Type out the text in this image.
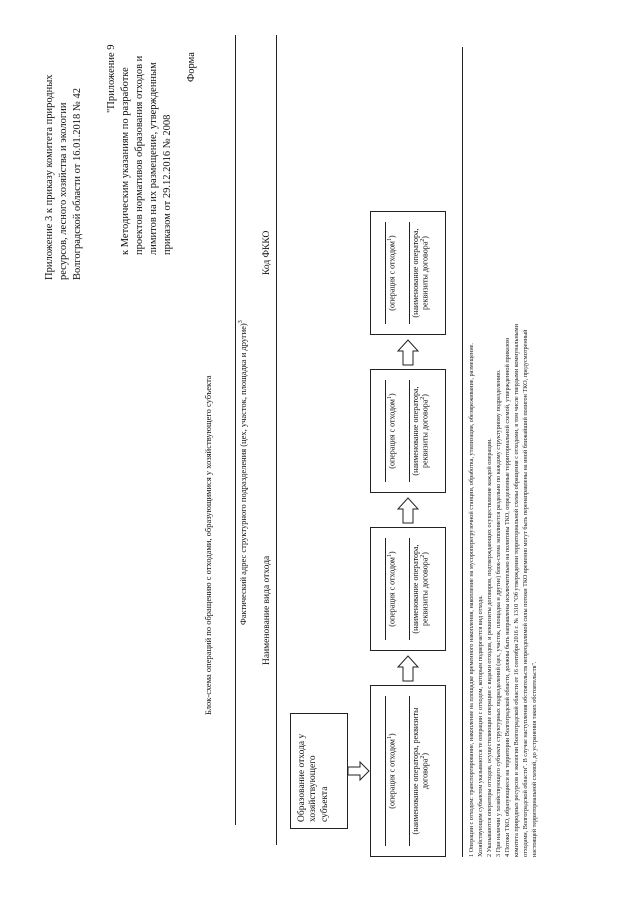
Приложение 3 к приказу комитета природных ресурсов, лесного хозяйства и экологии Волгоградской области от 16.01.2018 № 42
"Приложение 9 к Методическим указаниям по разработке проектов нормативов образования отходов и лимитов на их размещение, утвержденным приказом от 29.12.2016 № 2008
Форма
Блок-схема операций по обращению с отходами, образующимися у хозяйствующего субъекта	Фактический адрес структурного подразделения (цех, участок, площадка и другие)$^3$
Наименование вида отхода
Код ФККО
Образование отхода у хозяйствующего субъекта	(операция с отходом$^1$) (наименование оператора, реквизиты договора$^2$)
(операция с отходом$^1$) (наименование оператора, реквизиты договора$^2$)
(операция с отходом$^1$) (наименование оператора, реквизиты договора$^2$)
(операция с отходом$^1$) (наименование оператора, реквизиты договора$^2$)
1 Операции с отходом: транспортирование, накопление на площадке временного накопления, накопление на мусороперегрузочной станции, обработка, утилизация, обезвреживание, размещение. Хозяйствующим субъектом указываются те операции с отходом, которым подвергается вид отхода. 2 Указываются операторы отходов, осуществляющие операции с видами отходов, и реквизиты договоров, подтверждающих осуществление каждой операции. 3 При наличии у хозяйствующего субъекта структурных подразделений (цех, участок, площадка и другие) блок-схема заполняется раздельно по каждому структурному подразделению. 4 Потоки ТКО, образующиеся на территории Волгоградской области, должны быть направлены исключительно на полигоны ТКО, определенные территориальной схемой, утвержденной приказом комитета природных ресурсов и экологии Волгоградской области от 16 сентября 2016 г. № 1310 "Об утверждении территориальной схемы обращения с отходами, в том числе твердыми коммунальными отходами, Волгоградской области". В случае наступления обстоятельств непреодолимой силы потоки ТКО временно могут быть перенаправлены на иной ближайший полигон ТКО, предусмотренный настоящей территориальной схемой, до устранения таких обстоятельств".
